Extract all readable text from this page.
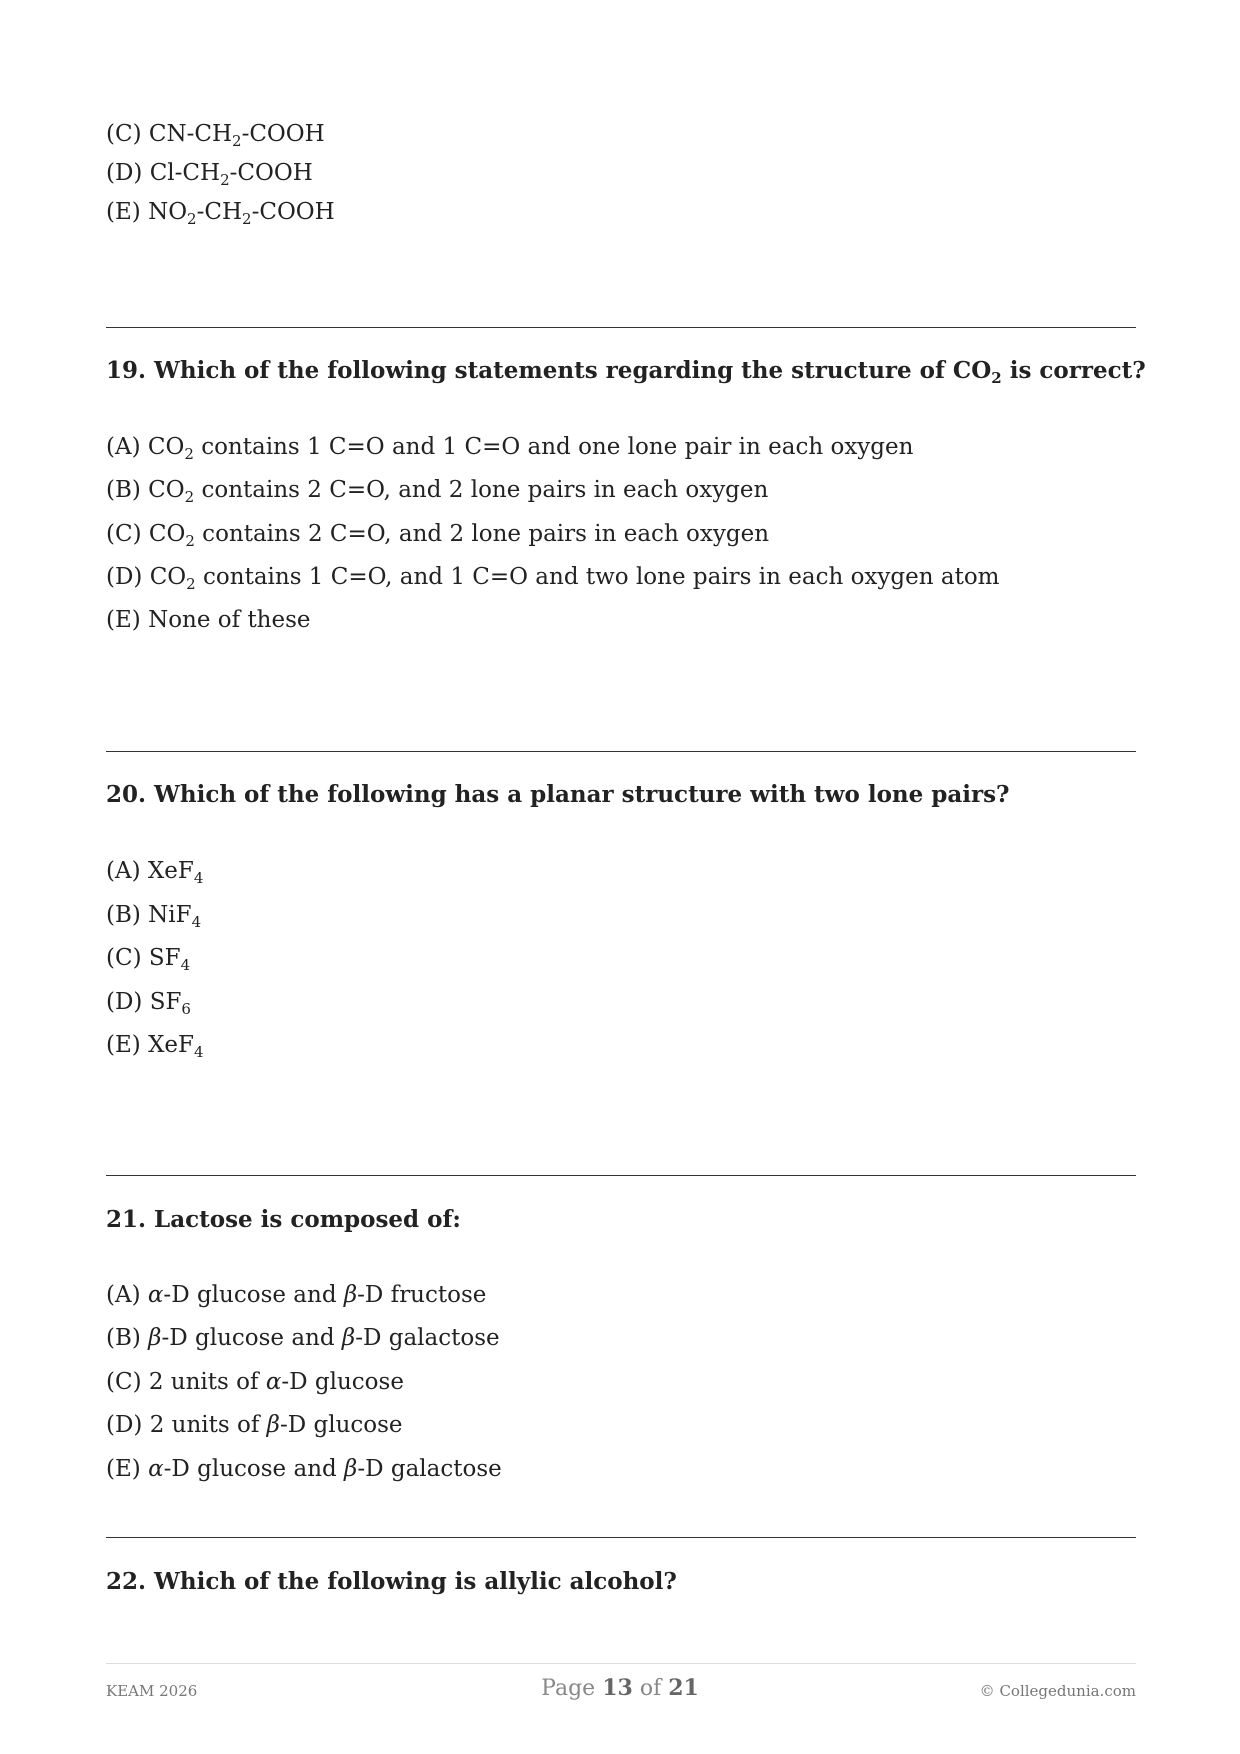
(C) $CN-CH_2$-COOH
(D) $Cl-CH_2$-COOH
(E) $NO_2-CH_2$-COOH
19. Which of the following statements regarding the structure of $CO_2$ is correct?
(A) $CO_2$ contains 1 C=O and 1 C=O and one lone pair in each oxygen
(B) $CO_2$ contains 2 C=O, and 2 lone pairs in each oxygen
(C) $CO_2$ contains 2 C=O, and 2 lone pairs in each oxygen
(D) $CO_2$ contains 1 C=O, and 1 C=O and two lone pairs in each oxygen atom
(E) None of these
20. Which of the following has a planar structure with two lone pairs?
(A) XeF$_4$
(B) NiF$_4$
(C) $SF_4$
(D) $SF_6$
(E) XeF$_4$
21. Lactose is composed of:
(A) α-D glucose and β-D fructose
(B) β-D glucose and β-D galactose
(C) 2 units of α-D glucose
(D) 2 units of β-D glucose
(E) α-D glucose and β-D galactose
22. Which of the following is allylic alcohol?
KEAM 2026	Page 13 of 21	© Collegedunia.com
